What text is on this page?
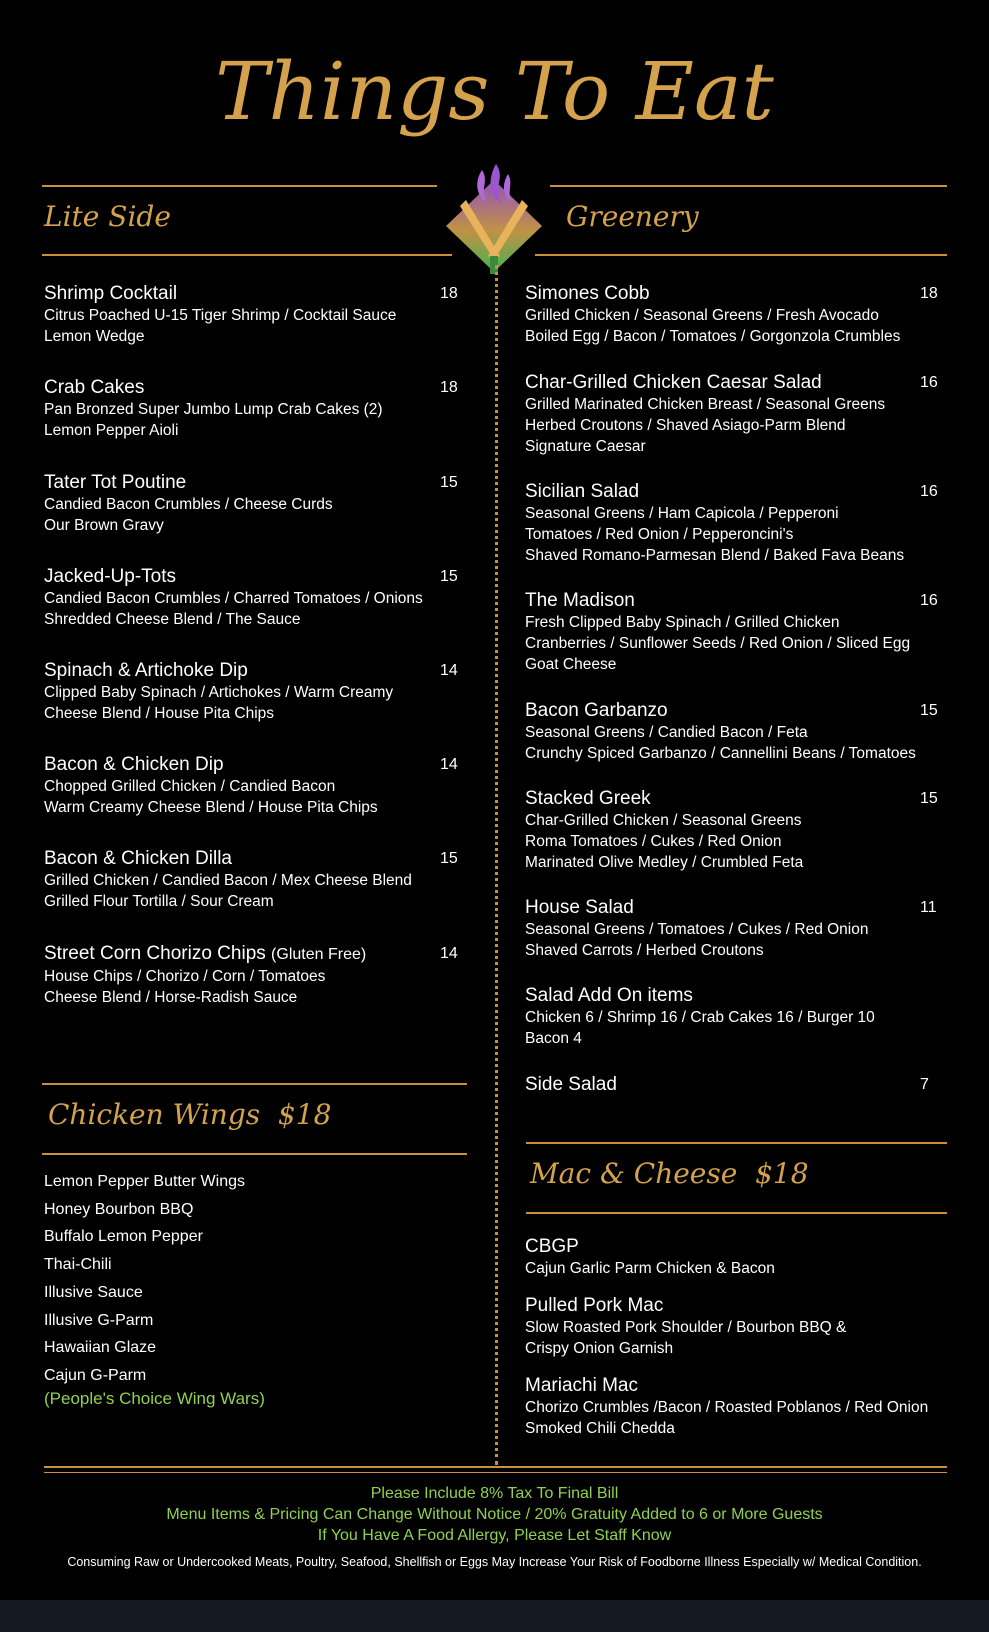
Things To Eat
Lite Side	Greenery
Shrimp Cocktail
Citrus Poached U-15 Tiger Shrimp / Cocktail Sauce
Lemon Wedge
18
Crab Cakes
Pan Bronzed Super Jumbo Lump Crab Cakes (2)
Lemon Pepper Aioli
18
Tater Tot Poutine
Candied Bacon Crumbles / Cheese Curds
Our Brown Gravy
15
Jacked-Up-Tots
Candied Bacon Crumbles / Charred Tomatoes / Onions
Shredded Cheese Blend / The Sauce
15
Spinach & Artichoke Dip
Clipped Baby Spinach / Artichokes / Warm Creamy
Cheese Blend / House Pita Chips
14
Bacon & Chicken Dip
Chopped Grilled Chicken / Candied Bacon
Warm Creamy Cheese Blend / House Pita Chips
14
Bacon & Chicken Dilla
Grilled Chicken / Candied Bacon / Mex Cheese Blend
Grilled Flour Tortilla / Sour Cream
15
Street Corn Chorizo Chips (Gluten Free)
House Chips / Chorizo / Corn / Tomatoes
Cheese Blend / Horse-Radish Sauce
14
Simones Cobb
Grilled Chicken / Seasonal Greens / Fresh Avocado
Boiled Egg / Bacon / Tomatoes / Gorgonzola Crumbles
18
Char-Grilled Chicken Caesar Salad
Grilled Marinated Chicken Breast / Seasonal Greens
Herbed Croutons / Shaved Asiago-Parm Blend
Signature Caesar
16
Sicilian Salad
Seasonal Greens / Ham Capicola / Pepperoni
Tomatoes / Red Onion / Pepperoncini's
Shaved Romano-Parmesan Blend / Baked Fava Beans
16
The Madison
Fresh Clipped Baby Spinach / Grilled Chicken
Cranberries / Sunflower Seeds / Red Onion / Sliced Egg
Goat Cheese
16
Bacon Garbanzo
Seasonal Greens / Candied Bacon / Feta
Crunchy Spiced Garbanzo / Cannellini Beans / Tomatoes
15
Stacked Greek
Char-Grilled Chicken / Seasonal Greens
Roma Tomatoes / Cukes / Red Onion
Marinated Olive Medley / Crumbled Feta
15
House Salad
Seasonal Greens / Tomatoes / Cukes / Red Onion
Shaved Carrots / Herbed Croutons
11
Salad Add On items
Chicken 6 / Shrimp 16 / Crab Cakes 16 / Burger 10
Bacon 4
Side Salad	7
Chicken Wings  $18
Lemon Pepper Butter Wings
Honey Bourbon BBQ
Buffalo Lemon Pepper
Thai-Chili
Illusive Sauce
Illusive G-Parm
Hawaiian Glaze
Cajun G-Parm
(People's Choice Wing Wars)
Mac & Cheese  $18
CBGP
Cajun Garlic Parm Chicken & Bacon
Pulled Pork Mac
Slow Roasted Pork Shoulder / Bourbon BBQ &
Crispy Onion Garnish
Mariachi Mac
Chorizo Crumbles /Bacon / Roasted Poblanos / Red Onion
Smoked Chili Chedda
Please Include 8% Tax To Final Bill
Menu Items & Pricing Can Change Without Notice / 20% Gratuity Added to 6 or More Guests
If You Have A Food Allergy, Please Let Staff Know
Consuming Raw or Undercooked Meats, Poultry, Seafood, Shellfish or Eggs May Increase Your Risk of Foodborne Illness Especially w/ Medical Condition.
